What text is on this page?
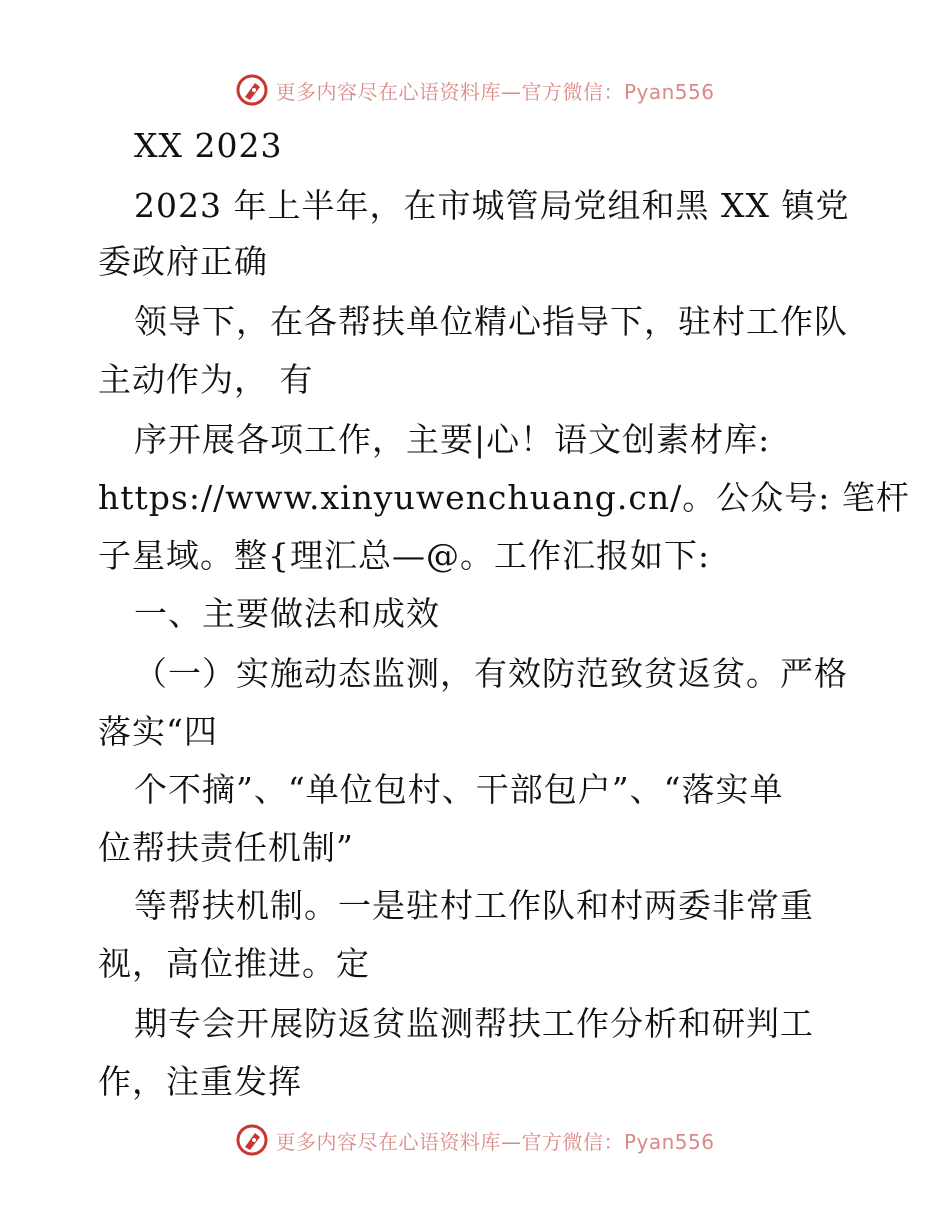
更多内容尽在心语资料库—官方微信：Pyan556
XX 2023
2023 年上半年，在市城管局党组和黑 XX 镇党
委政府正确
领导下，在各帮扶单位精心指导下，驻村工作队
主动作为， 有
序开展各项工作，主要|心！语文创素材库:
https://www.xinyuwenchuang.cn/。公众号: 笔杆
子星域。整{理汇总—@。工作汇报如下:
一、主要做法和成效
（一）实施动态监测，有效防范致贫返贫。严格
落实“四
个不摘”、“单位包村、干部包户”、“落实单
位帮扶责任机制”
等帮扶机制。一是驻村工作队和村两委非常重
视，高位推进。定
期专会开展防返贫监测帮扶工作分析和研判工
作，注重发挥
更多内容尽在心语资料库—官方微信：Pyan556
